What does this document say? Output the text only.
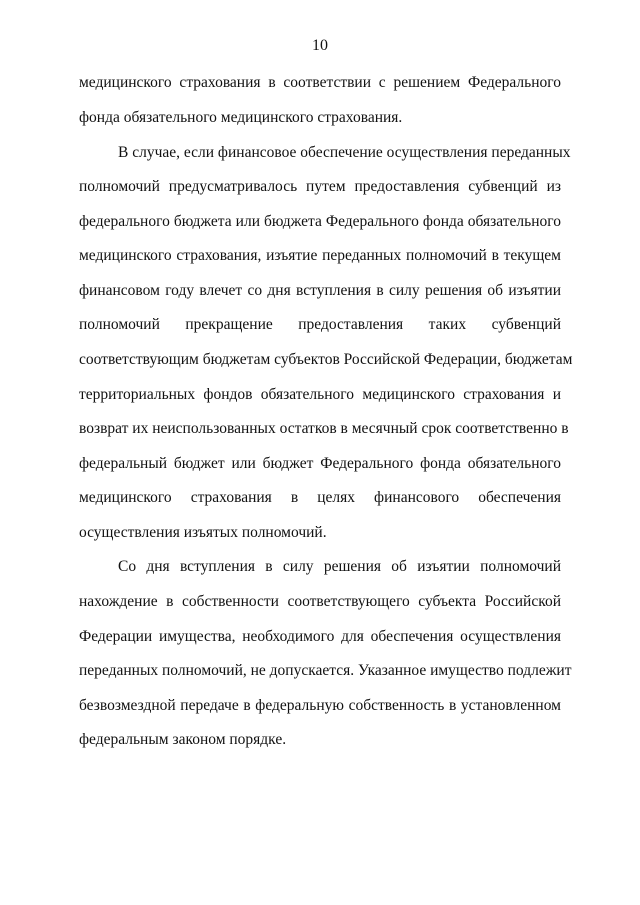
10
медицинского страхования в соответствии с решением Федерального
фонда обязательного медицинского страхования.
В случае, если финансовое обеспечение осуществления переданных
полномочий предусматривалось путем предоставления субвенций из
федерального бюджета или бюджета Федерального фонда обязательного
медицинского страхования, изъятие переданных полномочий в текущем
финансовом году влечет со дня вступления в силу решения об изъятии
полномочий прекращение предоставления таких субвенций
соответствующим бюджетам субъектов Российской Федерации, бюджетам
территориальных фондов обязательного медицинского страхования и
возврат их неиспользованных остатков в месячный срок соответственно в
федеральный бюджет или бюджет Федерального фонда обязательного
медицинского страхования в целях финансового обеспечения
осуществления изъятых полномочий.
Со дня вступления в силу решения об изъятии полномочий
нахождение в собственности соответствующего субъекта Российской
Федерации имущества, необходимого для обеспечения осуществления
переданных полномочий, не допускается. Указанное имущество подлежит
безвозмездной передаче в федеральную собственность в установленном
федеральным законом порядке.
